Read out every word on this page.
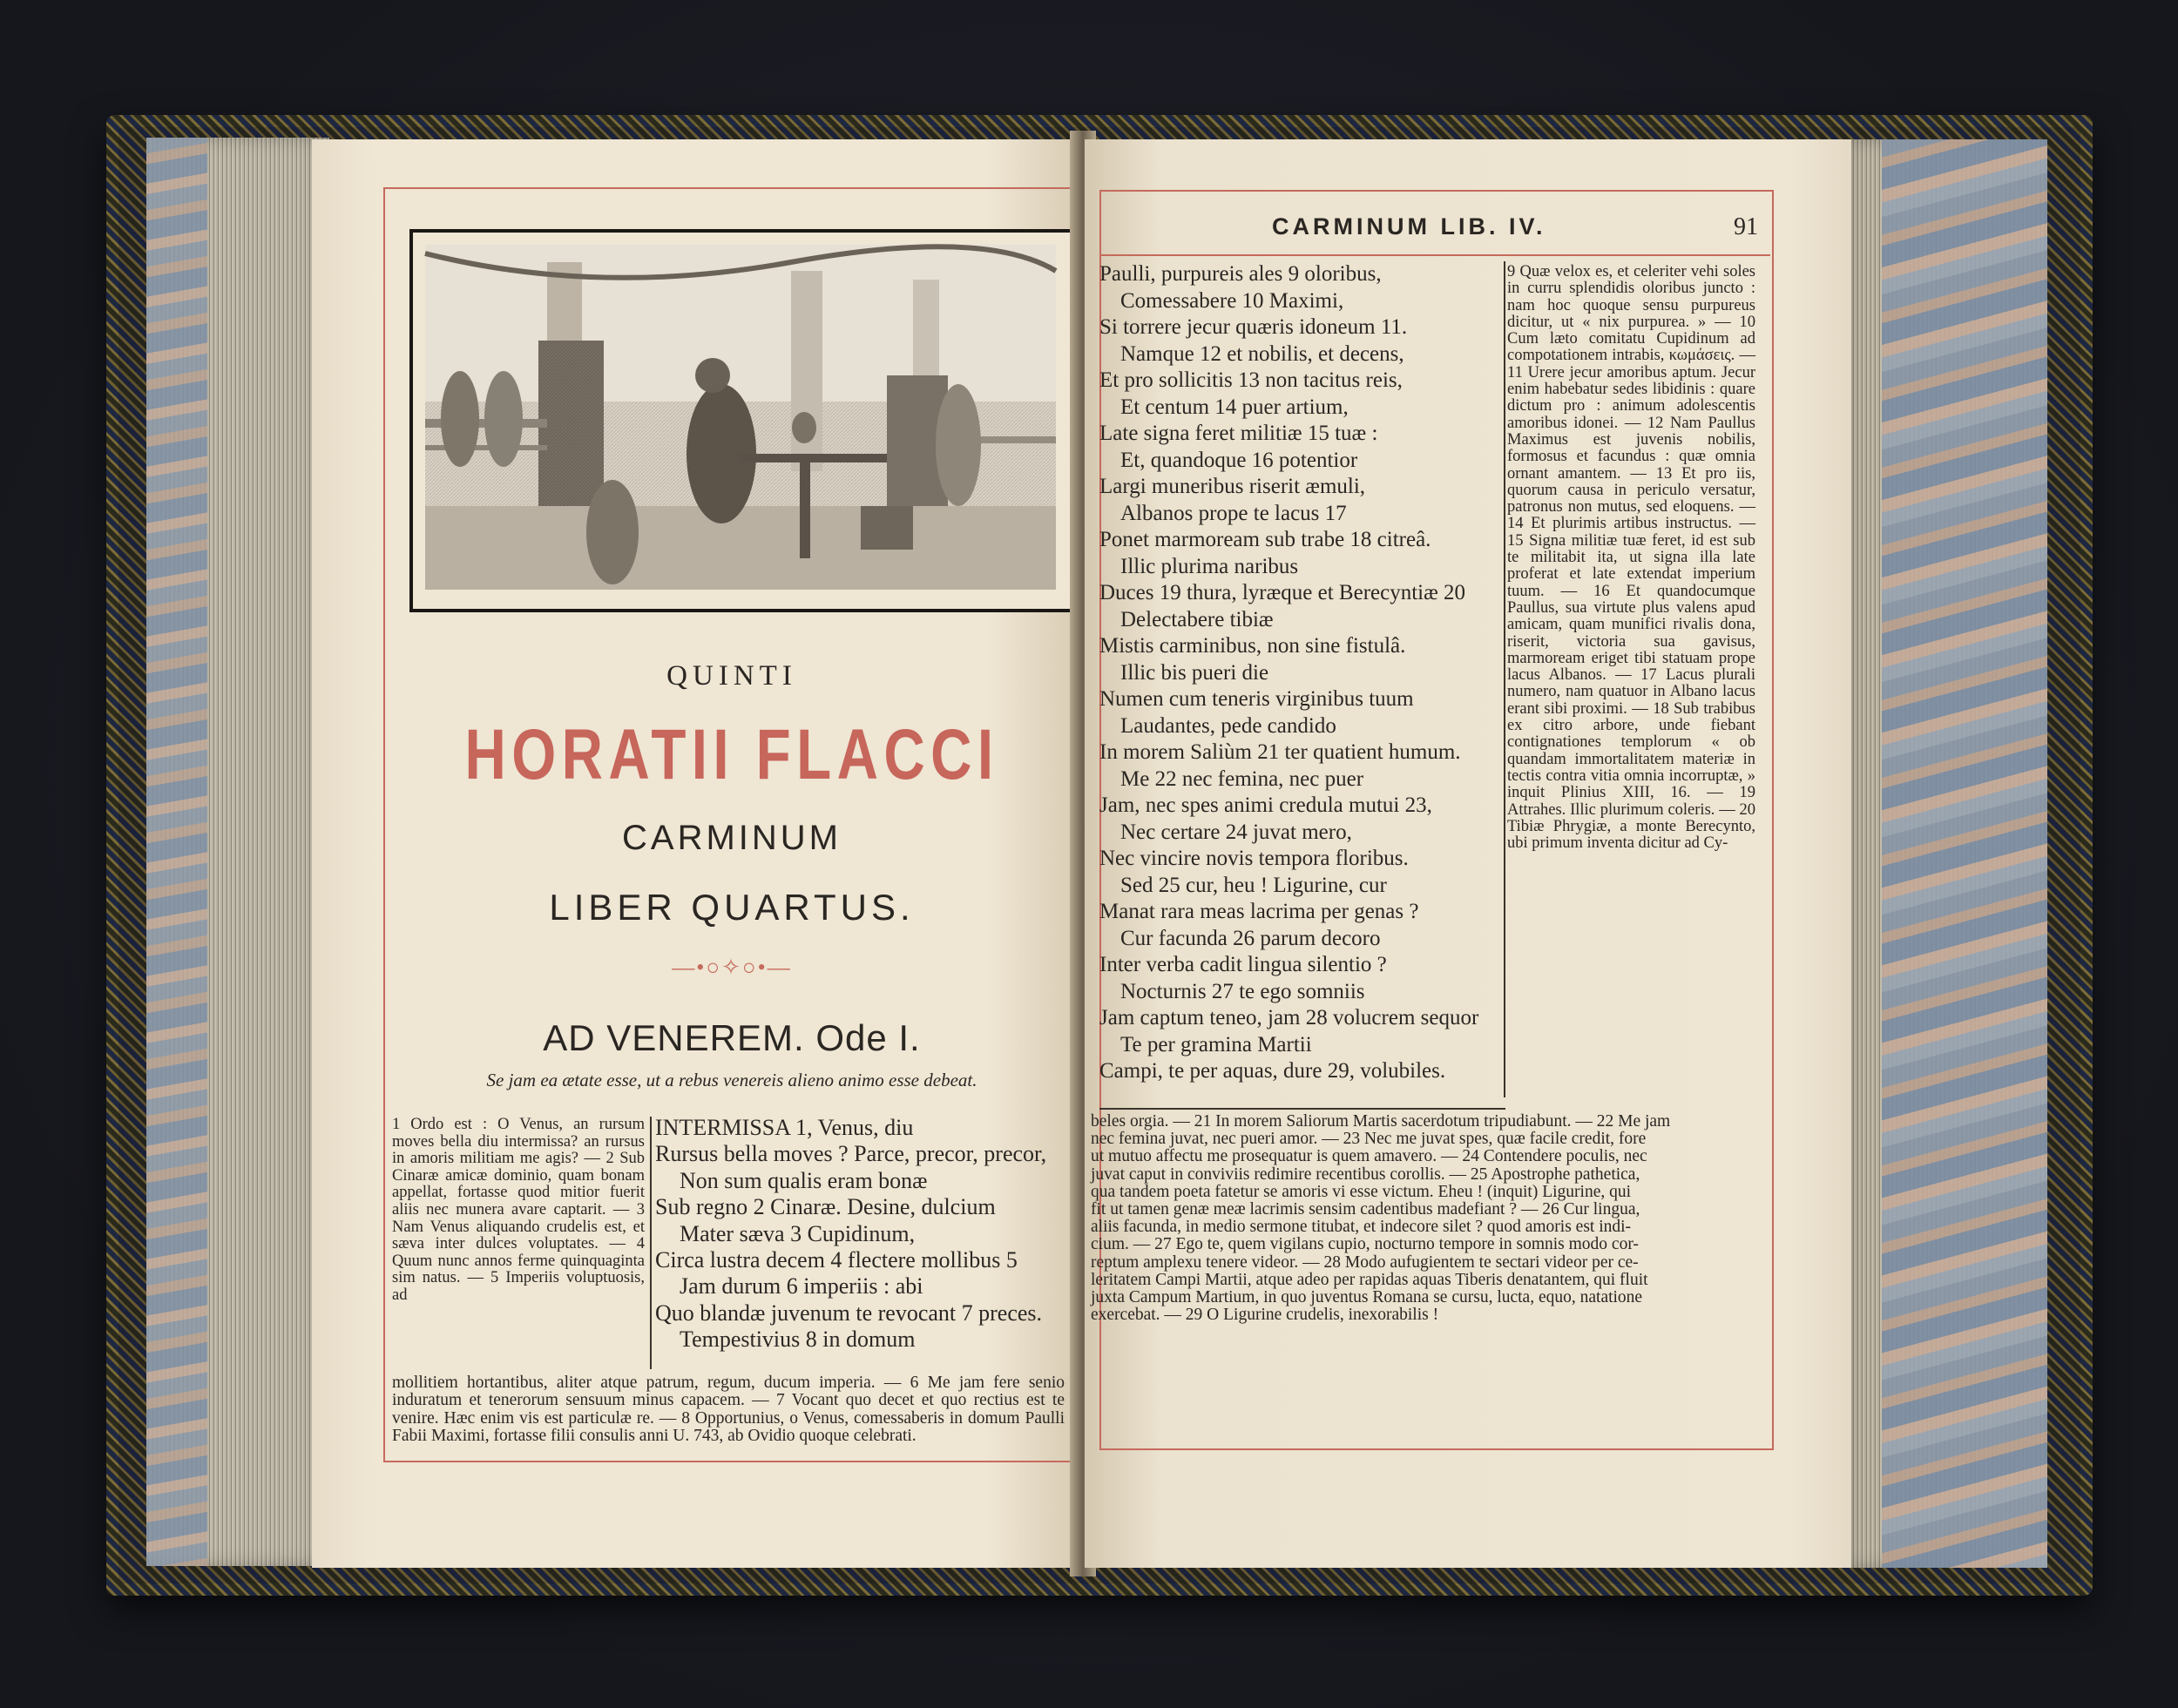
QUINTI
HORATII FLACCI
CARMINUM
LIBER QUARTUS.
—•○✧○•—
AD VENEREM. Ode I.
Se jam ea ætate esse, ut a rebus venereis alieno animo esse debeat.
1 Ordo est : O Venus, an rursum moves bella diu intermissa? an rursus in amoris militiam me agis? — 2 Sub Cinaræ amicæ dominio, quam bonam appellat, fortasse quod mitior fuerit aliis nec munera avare captarit. — 3 Nam Venus aliquando crudelis est, et sæva inter dulces voluptates. — 4 Quum nunc annos ferme quinquaginta sim natus. — 5 Imperiis voluptuosis, ad
INTERMISSA 1, Venus, diu
Rursus bella moves ? Parce, precor, precor,
Non sum qualis eram bonæ
Sub regno 2 Cinaræ. Desine, dulcium
Mater sæva 3 Cupidinum,
Circa lustra decem 4 flectere mollibus 5
Jam durum 6 imperiis : abi
Quo blandæ juvenum te revocant 7 preces.
Tempestivius 8 in domum
mollitiem hortantibus, aliter atque patrum, regum, ducum imperia. — 6 Me jam fere senio induratum et tenerorum sensuum minus capacem. — 7 Vocant quo decet et quo rectius est te venire. Hæc enim vis est particulæ re. — 8 Opportunius, o Venus, comessaberis in domum Paulli Fabii Maximi, fortasse filii consulis anni U. 743, ab Ovidio quoque celebrati.
CARMINUM LIB. IV.	91
Paulli, purpureis ales 9 oloribus,
Comessabere 10 Maximi,
Si torrere jecur quæris idoneum 11.
Namque 12 et nobilis, et decens,
Et pro sollicitis 13 non tacitus reis,
Et centum 14 puer artium,
Late signa feret militiæ 15 tuæ :
Et, quandoque 16 potentior
Largi muneribus riserit æmuli,
Albanos prope te lacus 17
Ponet marmoream sub trabe 18 citreâ.
Illic plurima naribus
Duces 19 thura, lyræque et Berecyntiæ 20
Delectabere tibiæ
Mistis carminibus, non sine fistulâ.
Illic bis pueri die
Numen cum teneris virginibus tuum
Laudantes, pede candido
In morem Saliùm 21 ter quatient humum.
Me 22 nec femina, nec puer
Jam, nec spes animi credula mutui 23,
Nec certare 24 juvat mero,
Nec vincire novis tempora floribus.
Sed 25 cur, heu ! Ligurine, cur
Manat rara meas lacrima per genas ?
Cur facunda 26 parum decoro
Inter verba cadit lingua silentio ?
Nocturnis 27 te ego somniis
Jam captum teneo, jam 28 volucrem sequor
Te per gramina Martii
Campi, te per aquas, dure 29, volubiles.
9 Quæ velox es, et celeriter vehi soles in curru splendidis oloribus juncto : nam hoc quoque sensu purpureus dicitur, ut « nix purpurea. » — 10 Cum læto comitatu Cupidinum ad compotationem intrabis, κωμάσεις. — 11 Urere jecur amoribus aptum. Jecur enim habebatur sedes libidinis : quare dictum pro : animum adolescentis amoribus idonei. — 12 Nam Paullus Maximus est juvenis nobilis, formosus et facundus : quæ omnia ornant amantem. — 13 Et pro iis, quorum causa in periculo versatur, patronus non mutus, sed eloquens. — 14 Et plurimis artibus instructus. — 15 Signa militiæ tuæ feret, id est sub te militabit ita, ut signa illa late proferat et late extendat imperium tuum. — 16 Et quandocumque Paullus, sua virtute plus valens apud amicam, quam munifici rivalis dona, riserit, victoria sua gavisus, marmoream eriget tibi statuam prope lacus Albanos. — 17 Lacus plurali numero, nam quatuor in Albano lacus erant sibi proximi. — 18 Sub trabibus ex citro arbore, unde fiebant contignationes templorum « ob quandam immortalitatem materiæ in tectis contra vitia omnia incorruptæ, » inquit Plinius XIII, 16. — 19 Attrahes. Illic plurimum coleris. — 20 Tibiæ Phrygiæ, a monte Berecynto, ubi primum inventa dicitur ad Cy-
beles orgia. — 21 In morem Saliorum Martis sacerdotum tripudiabunt. — 22 Me jam
nec femina juvat, nec pueri amor. — 23 Nec me juvat spes, quæ facile credit, fore
ut mutuo affectu me prosequatur is quem amavero. — 24 Contendere poculis, nec
juvat caput in conviviis redimire recentibus corollis. — 25 Apostrophe pathetica,
qua tandem poeta fatetur se amoris vi esse victum. Eheu ! (inquit) Ligurine, qui
fit ut tamen genæ meæ lacrimis sensim cadentibus madefiant ? — 26 Cur lingua,
aliis facunda, in medio sermone titubat, et indecore silet ? quod amoris est indi-
cium. — 27 Ego te, quem vigilans cupio, nocturno tempore in somnis modo cor-
reptum amplexu tenere videor. — 28 Modo aufugientem te sectari videor per ce-
leritatem Campi Martii, atque adeo per rapidas aquas Tiberis denatantem, qui fluit
juxta Campum Martium, in quo juventus Romana se cursu, lucta, equo, natatione
exercebat. — 29 O Ligurine crudelis, inexorabilis !
